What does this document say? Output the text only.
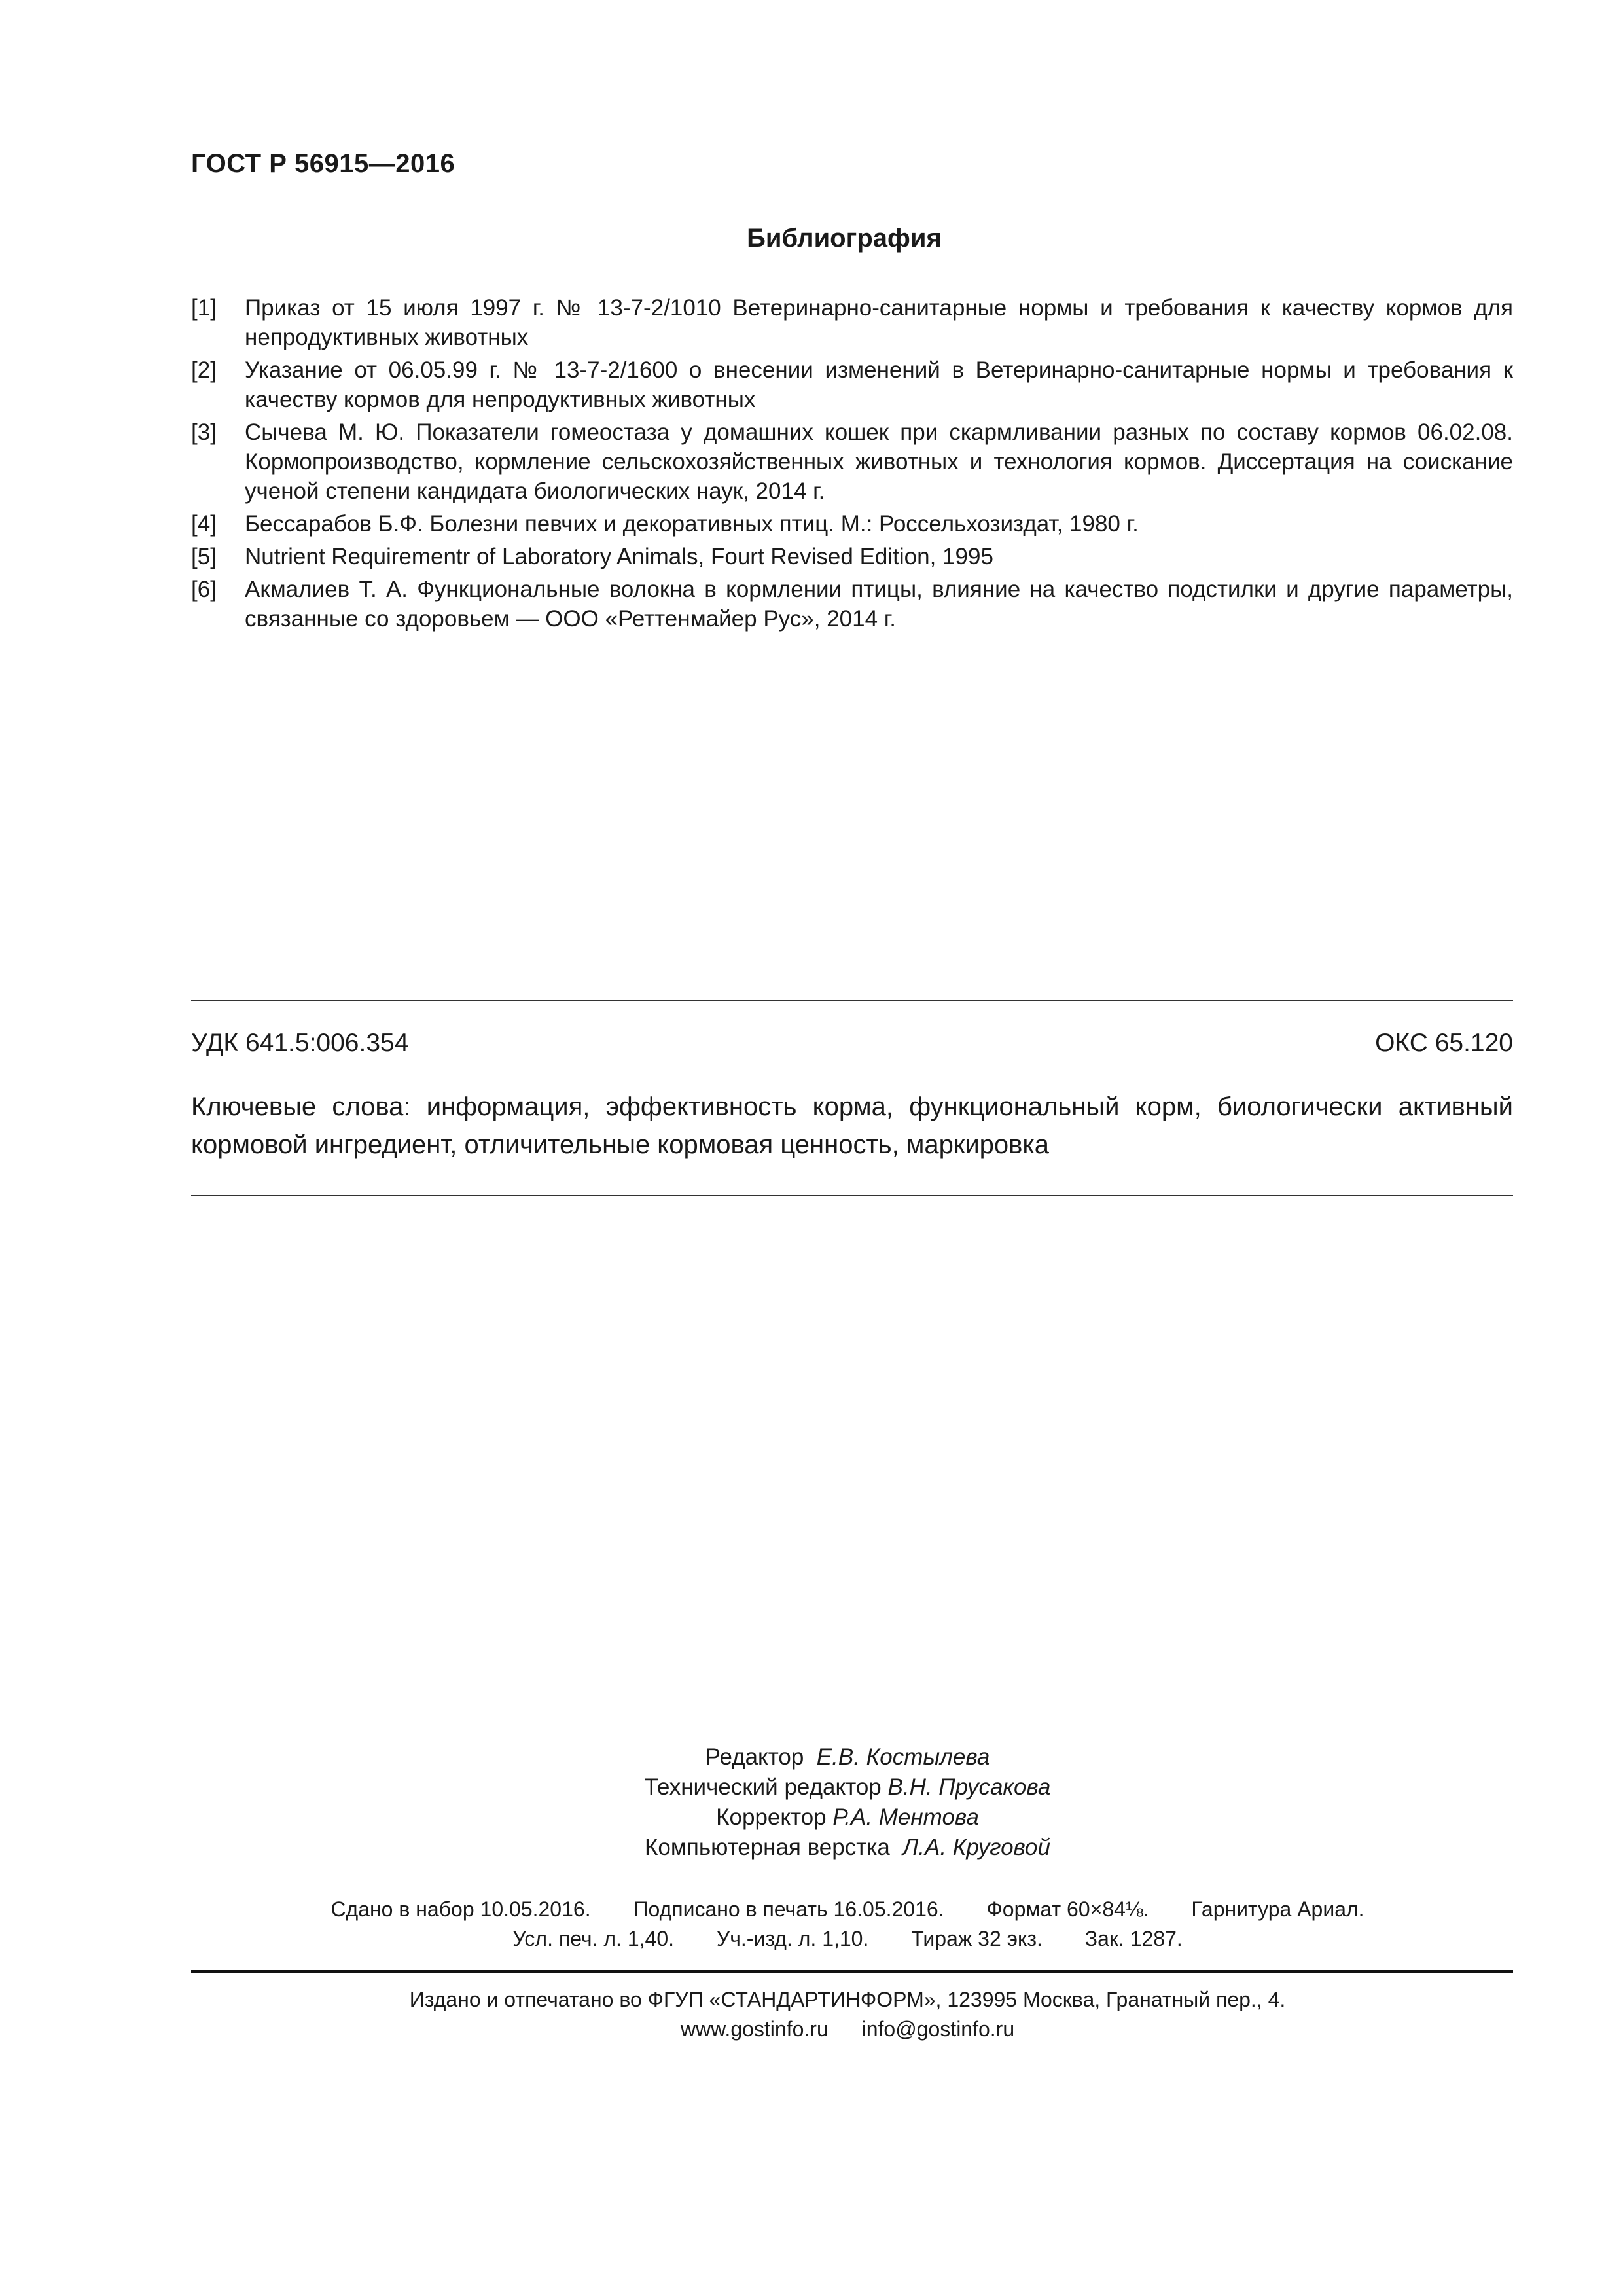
ГОСТ Р 56915—2016
Библиография
[1]	Приказ от 15 июля 1997 г. № 13-7-2/1010 Ветеринарно-санитарные нормы и требования к качеству кормов для непродуктивных животных
[2]	Указание от 06.05.99 г. № 13-7-2/1600 о внесении изменений в Ветеринарно-санитарные нормы и требования к качеству кормов для непродуктивных животных
[3]	Сычева М. Ю. Показатели гомеостаза у домашних кошек при скармливании разных по составу кормов 06.02.08. Кормопроизводство, кормление сельскохозяйственных животных и технология кормов. Диссертация на соискание ученой степени кандидата биологических наук, 2014 г.
[4]	Бессарабов Б.Ф. Болезни певчих и декоративных птиц. М.: Россельхозиздат, 1980 г.
[5]	Nutrient Requirementr of Laboratory Animals, Fourt Revised Edition, 1995
[6]	Акмалиев Т. А. Функциональные волокна в кормлении птицы, влияние на качество подстилки и другие параметры, связанные со здоровьем — ООО «Реттенмайер Рус», 2014 г.
УДК 641.5:006.354	ОКС 65.120
Ключевые слова: информация, эффективность корма, функциональный корм, биологически активный кормовой ингредиент, отличительные кормовая ценность, маркировка
Редактор Е.В. Костылева
Технический редактор В.Н. Прусакова
Корректор Р.А. Ментова
Компьютерная верстка Л.А. Круговой
Сдано в набор 10.05.2016. Подписано в печать 16.05.2016. Формат 60×84⅛. Гарнитура Ариал.
Усл. печ. л. 1,40. Уч.-изд. л. 1,10. Тираж 32 экз. Зак. 1287.
Издано и отпечатано во ФГУП «СТАНДАРТИНФОРМ», 123995 Москва, Гранатный пер., 4.
www.gostinfo.ru info@gostinfo.ru
